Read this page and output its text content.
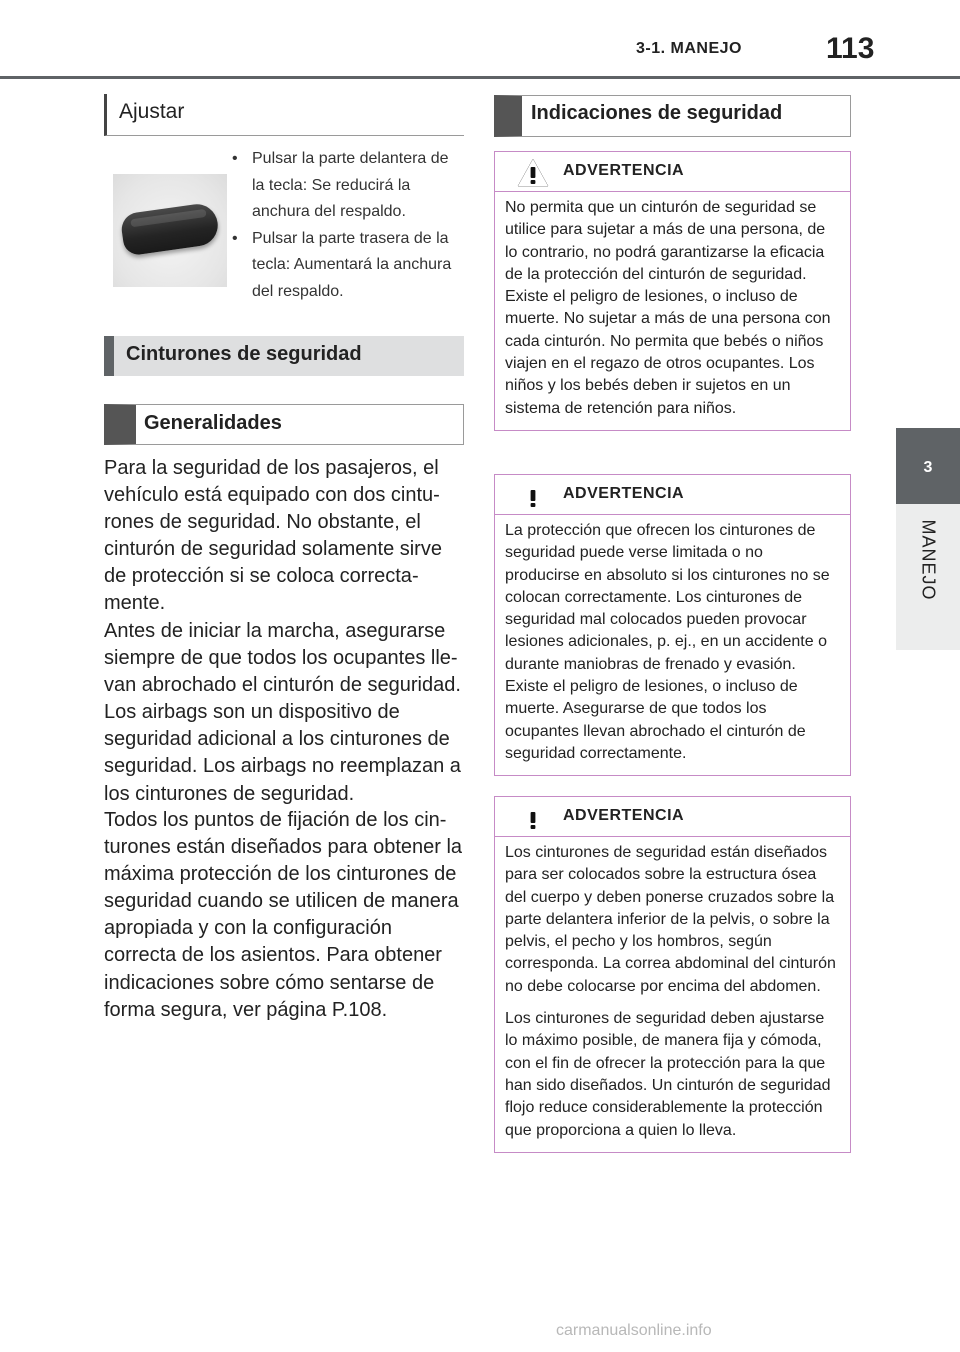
3-1. MANEJO	113
3
MANEJO
Ajustar
• Pulsar la parte delantera de la tecla: Se reducirá la anchura del respaldo.
• Pulsar la parte trasera de la tecla: Aumentará la anchura del respaldo.
Cinturones de seguridad
Generalidades

Para la seguridad de los pasajeros, el vehículo está equipado con dos cinturones de seguridad. No obstante, el cinturón de seguridad solamente sirve de protección si se coloca correctamente.

Antes de iniciar la marcha, asegurarse siempre de que todos los ocupantes llevan abrochado el cinturón de seguridad. Los airbags son un dispositivo de seguridad adicional a los cinturones de seguridad. Los airbags no reemplazan a los cinturones de seguridad.

Todos los puntos de fijación de los cinturones están diseñados para obtener la máxima protección de los cinturones de seguridad cuando se utilicen de manera apropiada y con la configuración correcta de los asientos. Para obtener indicaciones sobre cómo sentarse de forma segura, ver página P.108.

Indicaciones de seguridad
ADVERTENCIA

No permita que un cinturón de seguridad se utilice para sujetar a más de una persona, de lo contrario, no podrá garantizarse la eficacia de la protección del cinturón de seguridad. Existe el peligro de lesiones, o incluso de muerte. No sujetar a más de una persona con cada cinturón. No permita que bebés o niños viajen en el regazo de otros ocupantes. Los niños y los bebés deben ir sujetos en un sistema de retención para niños.

ADVERTENCIA

La protección que ofrecen los cinturones de seguridad puede verse limitada o no producirse en absoluto si los cinturones no se colocan correctamente. Los cinturones de seguridad mal colocados pueden provocar lesiones adicionales, p. ej., en un accidente o durante maniobras de frenado y evasión. Existe el peligro de lesiones, o incluso de muerte. Asegurarse de que todos los ocupantes llevan abrochado el cinturón de seguridad correctamente.

ADVERTENCIA

Los cinturones de seguridad están diseñados para ser colocados sobre la estructura ósea del cuerpo y deben ponerse cruzados sobre la parte delantera inferior de la pelvis, o sobre la pelvis, el pecho y los hombros, según corresponda. La correa abdominal del cinturón no debe colocarse por encima del abdomen.

Los cinturones de seguridad deben ajustarse lo máximo posible, de manera fija y cómoda, con el fin de ofrecer la protección para la que han sido diseñados. Un cinturón de seguridad flojo reduce considerablemente la protección que proporciona a quien lo lleva.

carmanualsonline.info
